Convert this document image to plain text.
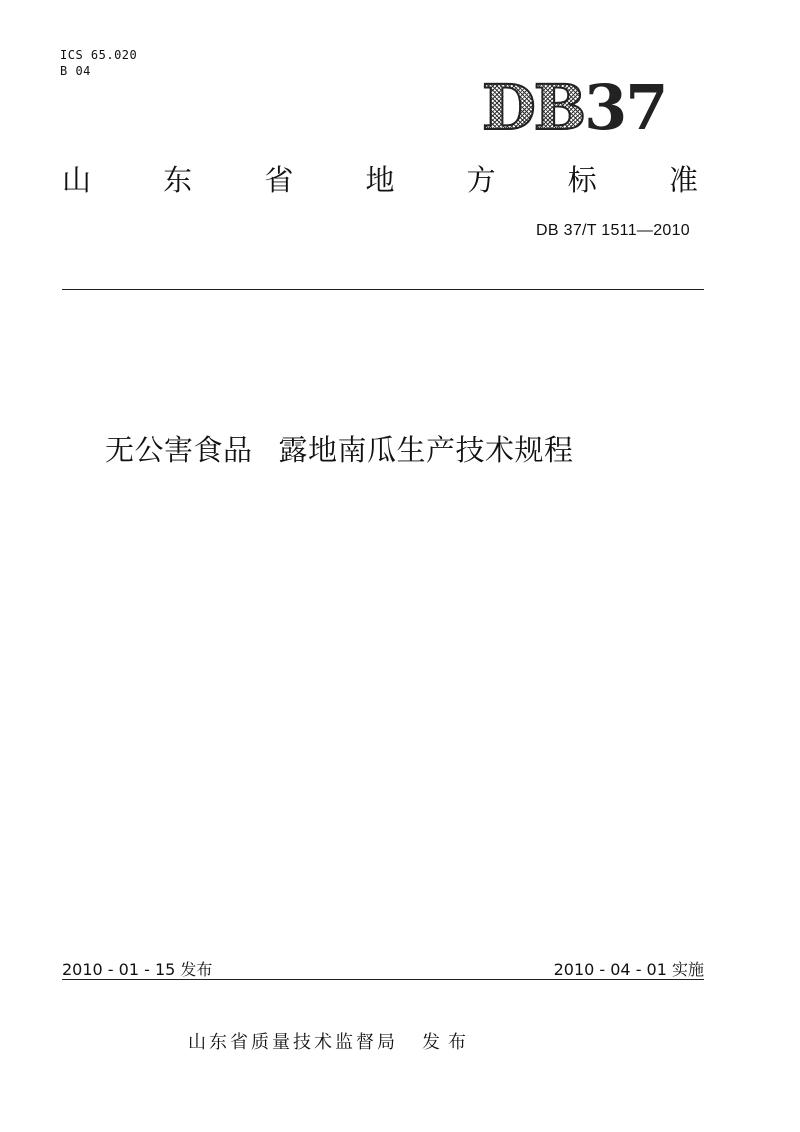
ICS 65.020
B 04	DB37
山 东 省 地 方 标 准
DB 37/T 1511—2010
无公害食品 露地南瓜生产技术规程
2010 - 01 - 15 发布	2010 - 04 - 01 实施
山东省质量技术监督局 发布
